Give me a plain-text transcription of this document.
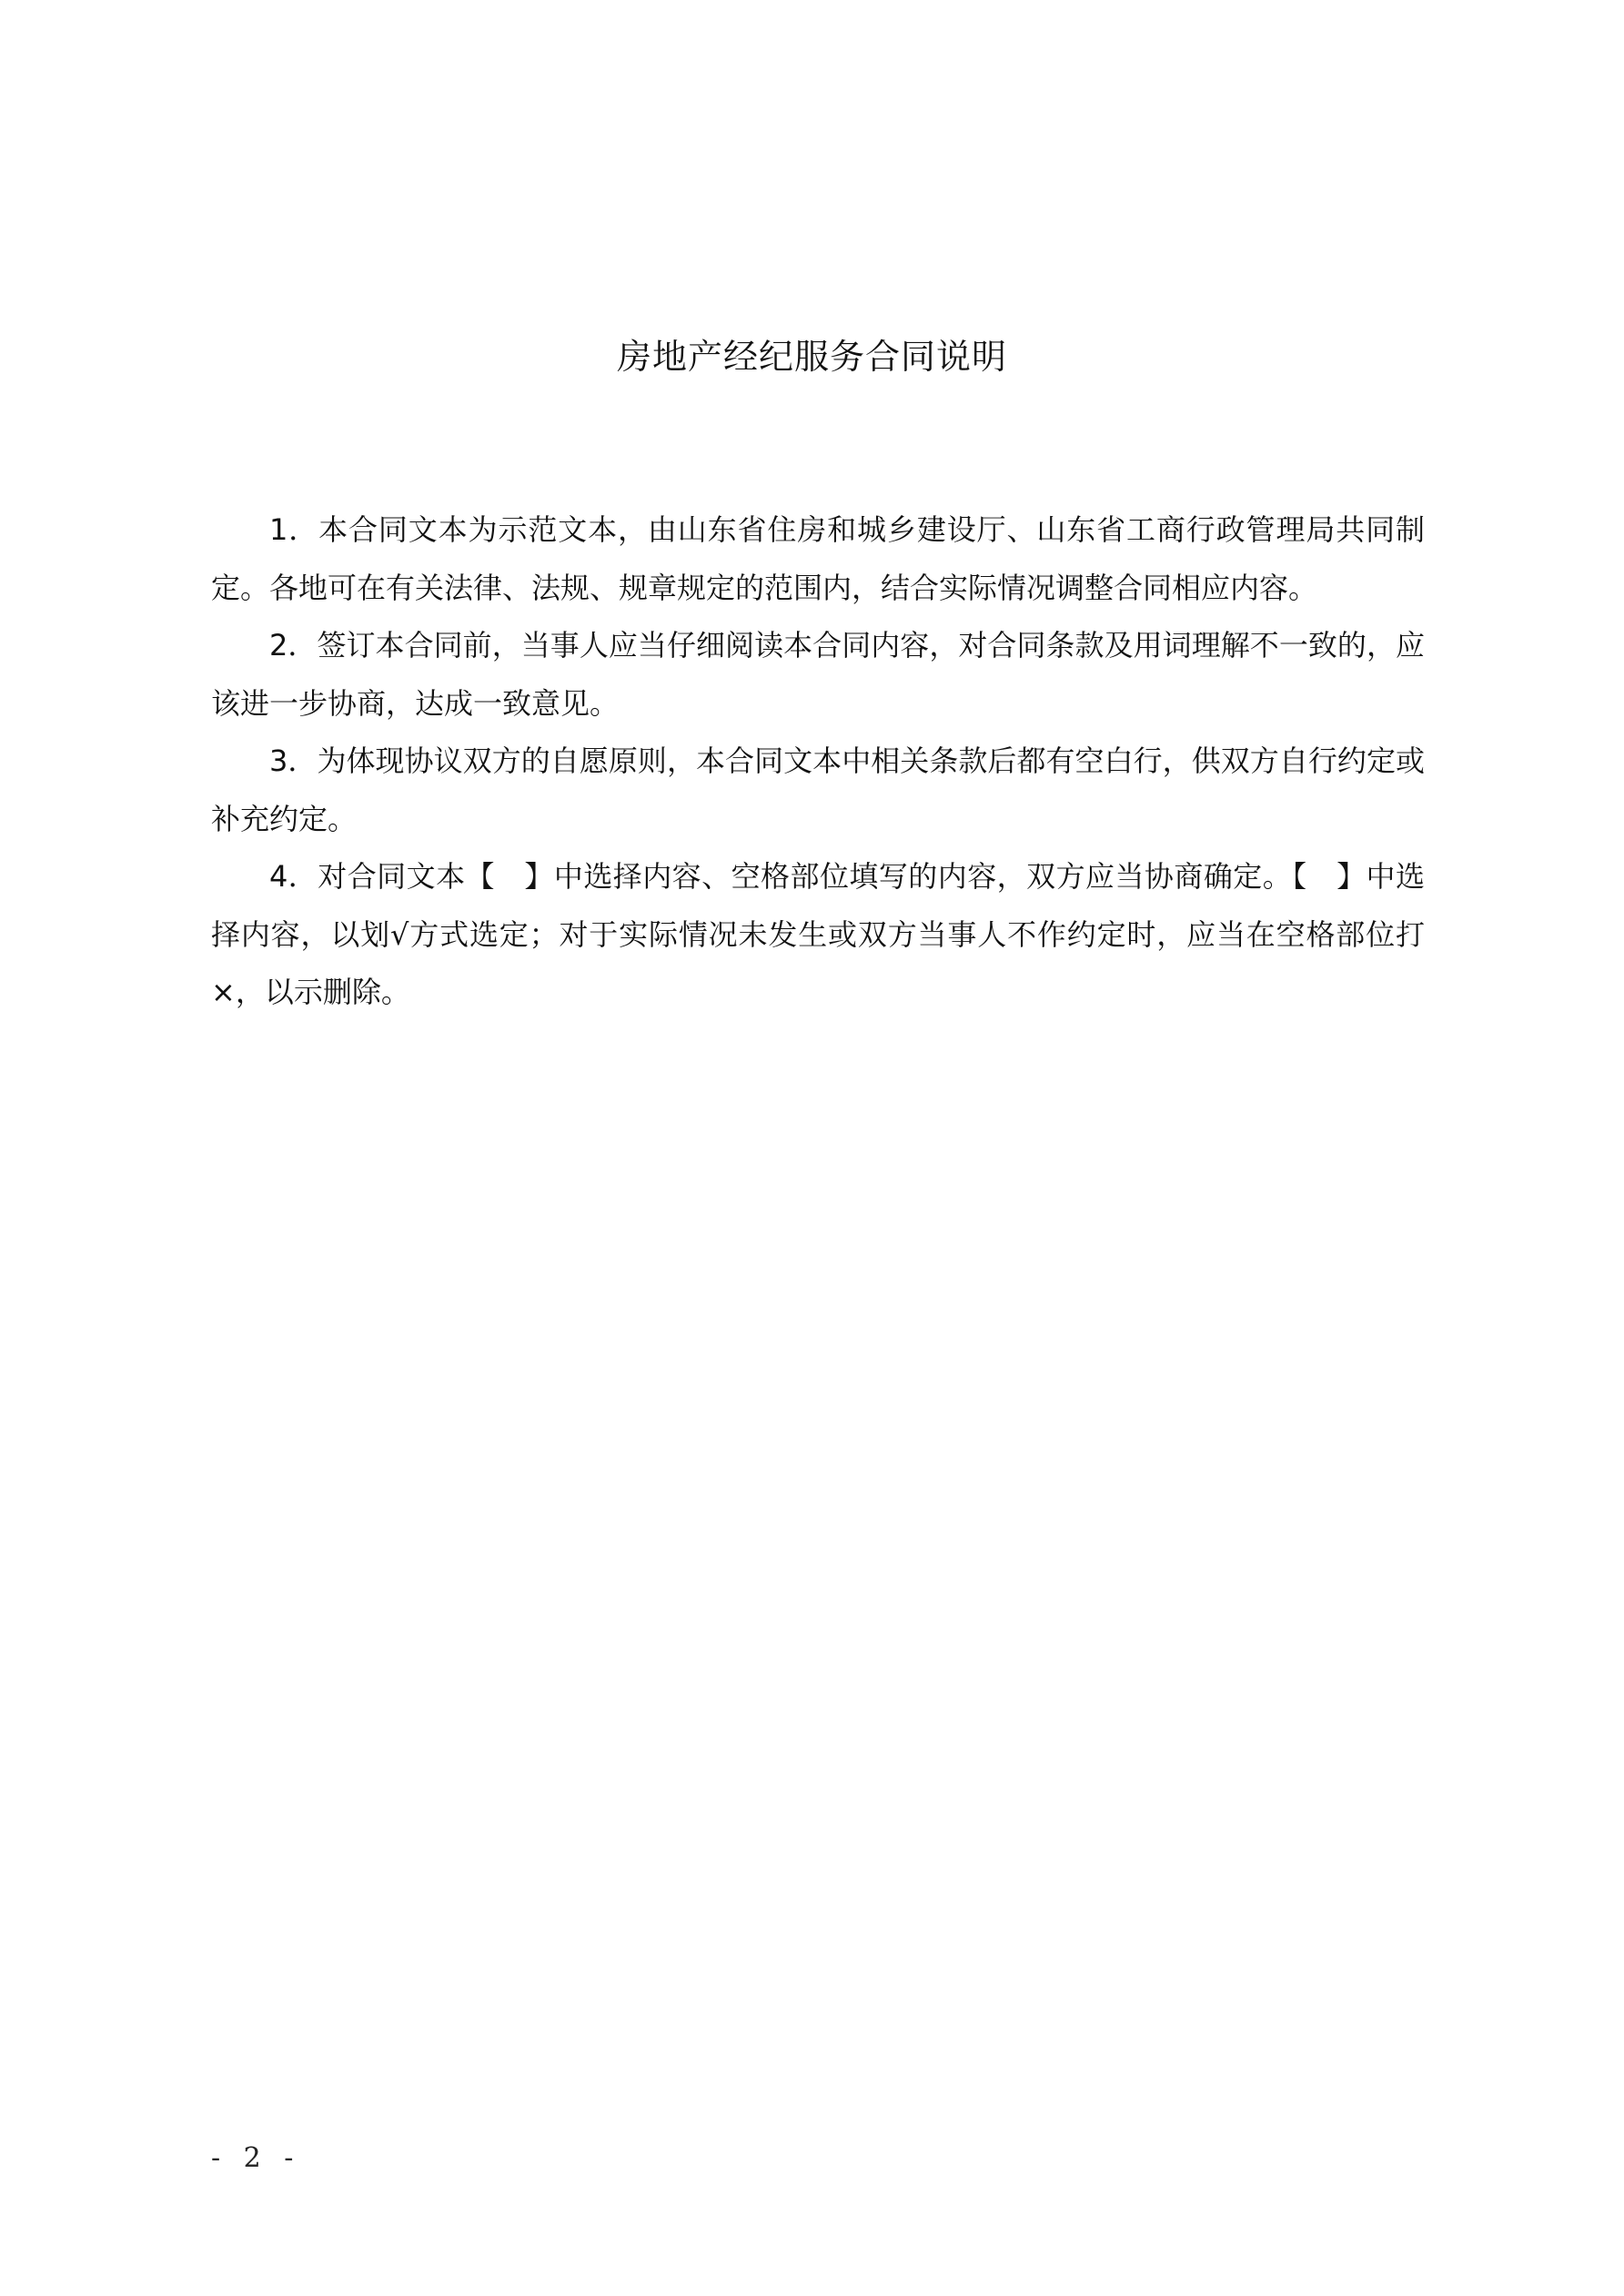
房地产经纪服务合同说明

1．本合同文本为示范文本，由山东省住房和城乡建设厅、山东省工商行政管理局共同制定。各地可在有关法律、法规、规章规定的范围内，结合实际情况调整合同相应内容。

2．签订本合同前，当事人应当仔细阅读本合同内容，对合同条款及用词理解不一致的，应该进一步协商，达成一致意见。

3．为体现协议双方的自愿原则，本合同文本中相关条款后都有空白行，供双方自行约定或补充约定。

4．对合同文本【　】中选择内容、空格部位填写的内容，双方应当协商确定。【　】中选择内容，以划√方式选定；对于实际情况未发生或双方当事人不作约定时，应当在空格部位打×，以示删除。

- 2 -
